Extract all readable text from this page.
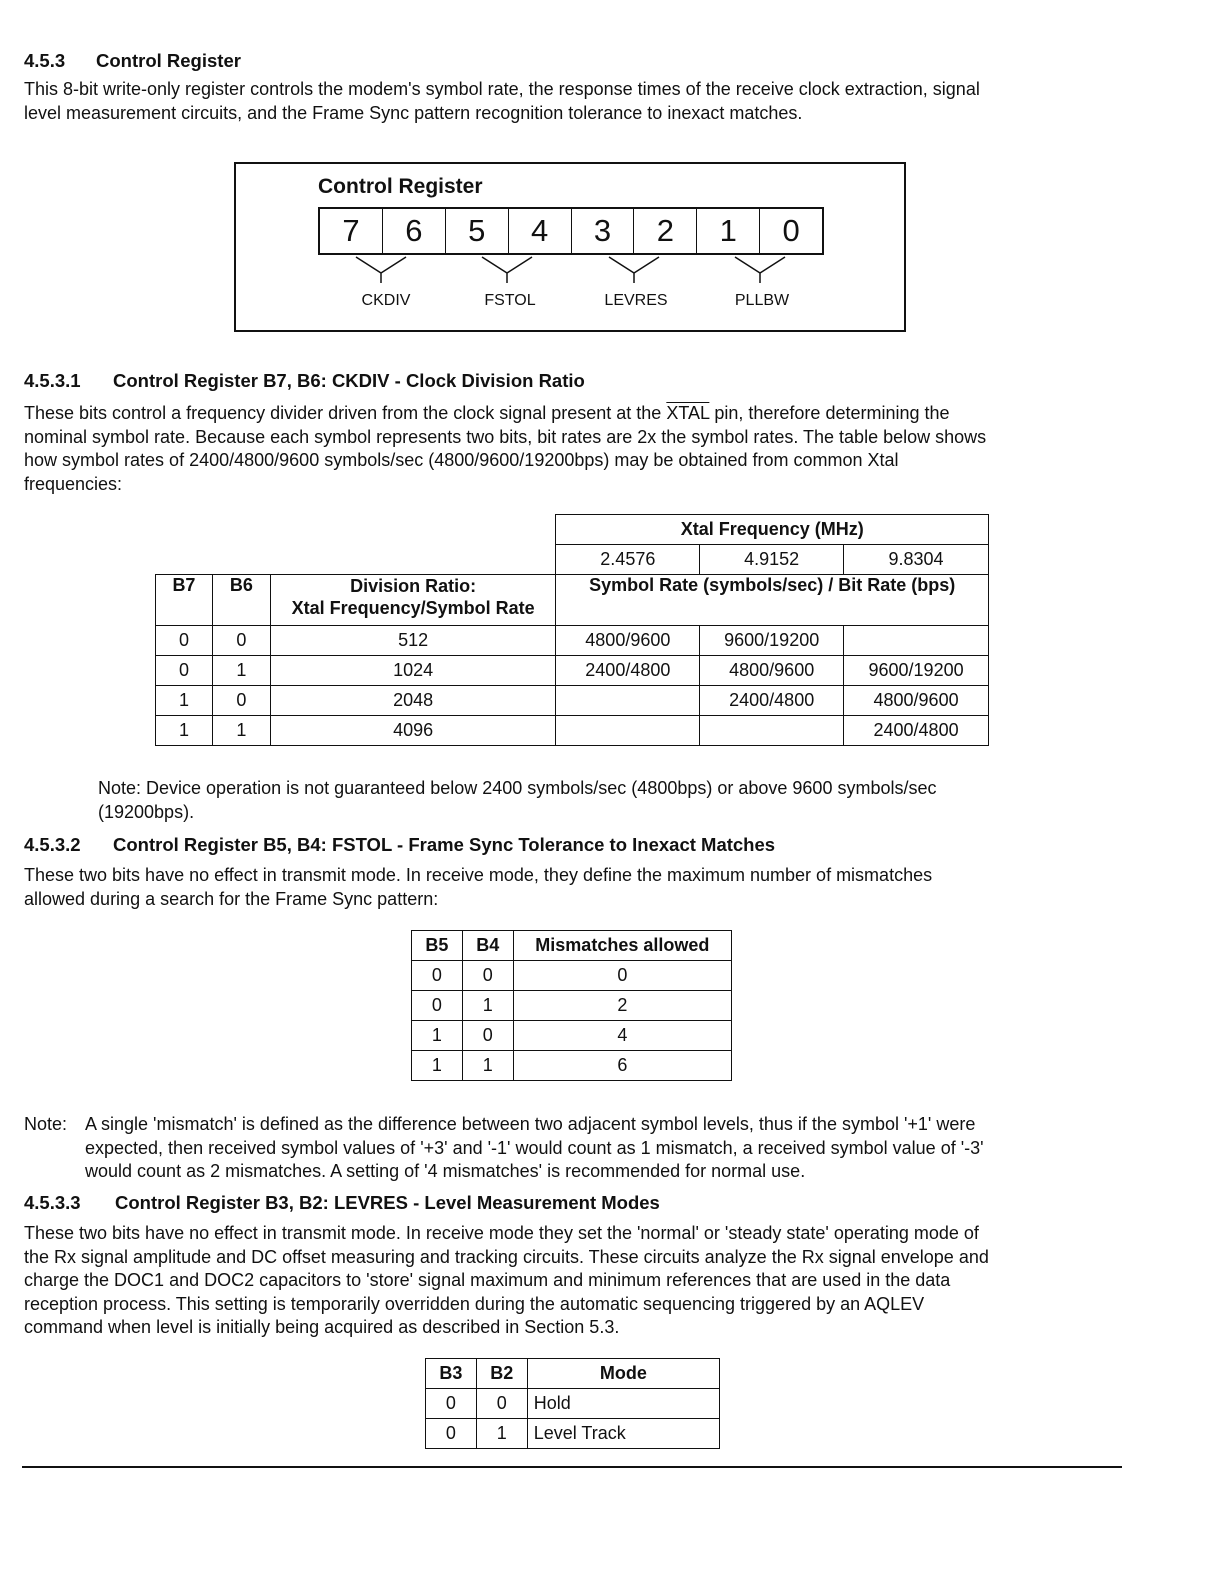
4.5.3 Control Register
This 8-bit write-only register controls the modem's symbol rate, the response times of the receive clock extraction, signal
level measurement circuits, and the Frame Sync pattern recognition tolerance to inexact matches.
Control Register
7	6	5	4	3	2	1	0
CKDIV	FSTOL	LEVRES	PLLBW
4.5.3.1 Control Register B7, B6: CKDIV - Clock Division Ratio
These bits control a frequency divider driven from the clock signal present at the XTAL pin, therefore determining the
nominal symbol rate. Because each symbol represents two bits, bit rates are 2x the symbol rates. The table below shows
how symbol rates of 2400/4800/9600 symbols/sec (4800/9600/19200bps) may be obtained from common Xtal
frequencies:
			Xtal Frequency (MHz)		
			2.4576	4.9152	9.8304
B7	B6	Division Ratio:
Xtal Frequency/Symbol Rate	Symbol Rate (symbols/sec) / Bit Rate (bps)		
0	0	512	4800/9600	9600/19200	
0	1	1024	2400/4800	4800/9600	9600/19200
1	0	2048		2400/4800	4800/9600
1	1	4096			2400/4800
Note: Device operation is not guaranteed below 2400 symbols/sec (4800bps) or above 9600 symbols/sec
(19200bps).
4.5.3.2 Control Register B5, B4: FSTOL - Frame Sync Tolerance to Inexact Matches
These two bits have no effect in transmit mode. In receive mode, they define the maximum number of mismatches
allowed during a search for the Frame Sync pattern:
B5	B4	Mismatches allowed
0	0	0
0	1	2
1	0	4
1	1	6
Note: A single 'mismatch' is defined as the difference between two adjacent symbol levels, thus if the symbol '+1' were
expected, then received symbol values of '+3' and '-1' would count as 1 mismatch, a received symbol value of '-3'
would count as 2 mismatches. A setting of '4 mismatches' is recommended for normal use.
4.5.3.3 Control Register B3, B2: LEVRES - Level Measurement Modes
These two bits have no effect in transmit mode. In receive mode they set the 'normal' or 'steady state' operating mode of
the Rx signal amplitude and DC offset measuring and tracking circuits. These circuits analyze the Rx signal envelope and
charge the DOC1 and DOC2 capacitors to 'store' signal maximum and minimum references that are used in the data
reception process. This setting is temporarily overridden during the automatic sequencing triggered by an AQLEV
command when level is initially being acquired as described in Section 5.3.
B3	B2	Mode
0	0	Hold
0	1	Level Track
